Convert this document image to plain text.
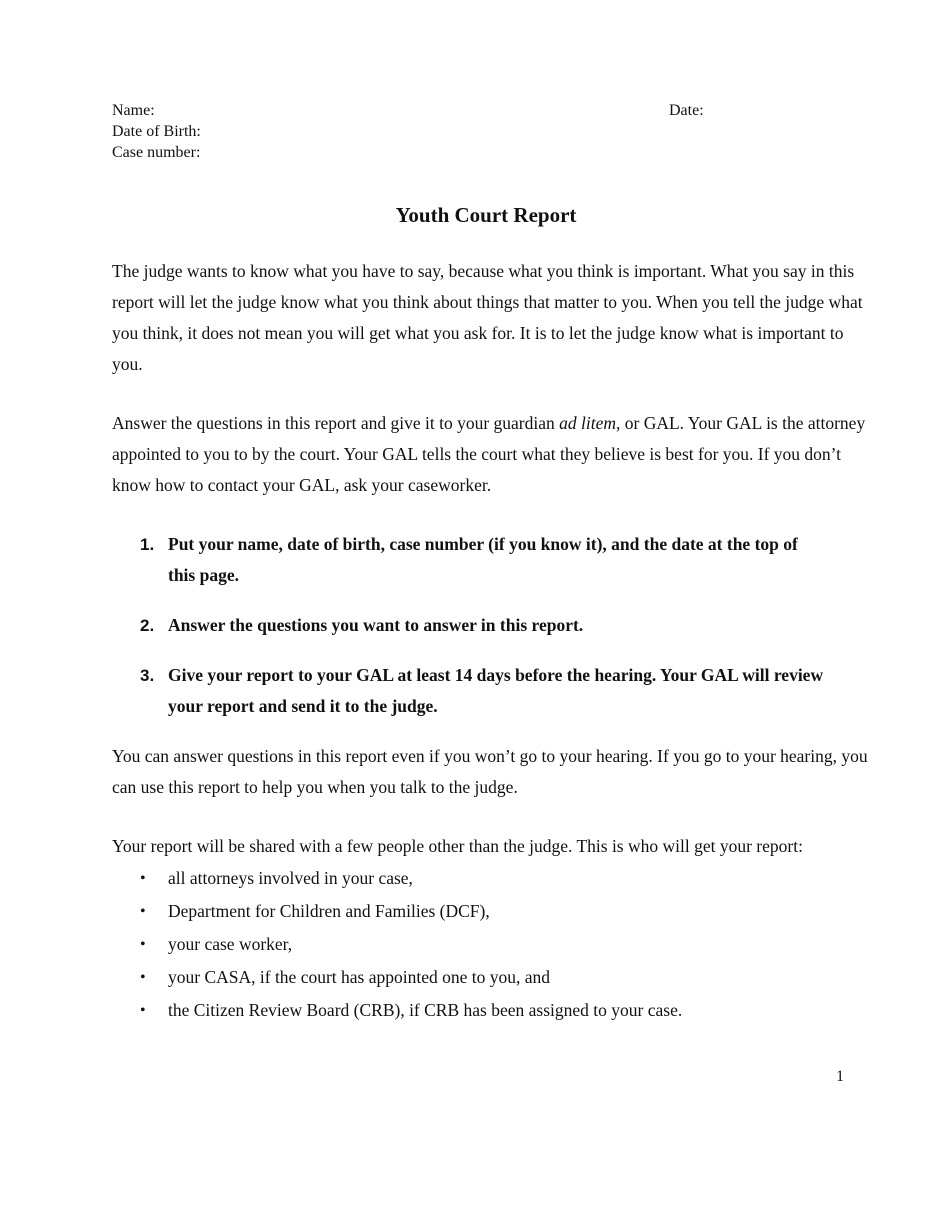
Name:	Date:
Date of Birth:
Case number:
Youth Court Report

The judge wants to know what you have to say, because what you think is important. What you say in this report will let the judge know what you think about things that matter to you. When you tell the judge what you think, it does not mean you will get what you ask for. It is to let the judge know what is important to you.

Answer the questions in this report and give it to your guardian ad litem, or GAL. Your GAL is the attorney appointed to you to by the court. Your GAL tells the court what they believe is best for you. If you don’t know how to contact your GAL, ask your caseworker.

1. Put your name, date of birth, case number (if you know it), and the date at the top of this page.
2. Answer the questions you want to answer in this report.
3. Give your report to your GAL at least 14 days before the hearing. Your GAL will review your report and send it to the judge.

You can answer questions in this report even if you won’t go to your hearing. If you go to your hearing, you can use this report to help you when you talk to the judge.

Your report will be shared with a few people other than the judge. This is who will get your report:

• all attorneys involved in your case,
• Department for Children and Families (DCF),
• your case worker,
• your CASA, if the court has appointed one to you, and
• the Citizen Review Board (CRB), if CRB has been assigned to your case.
1
